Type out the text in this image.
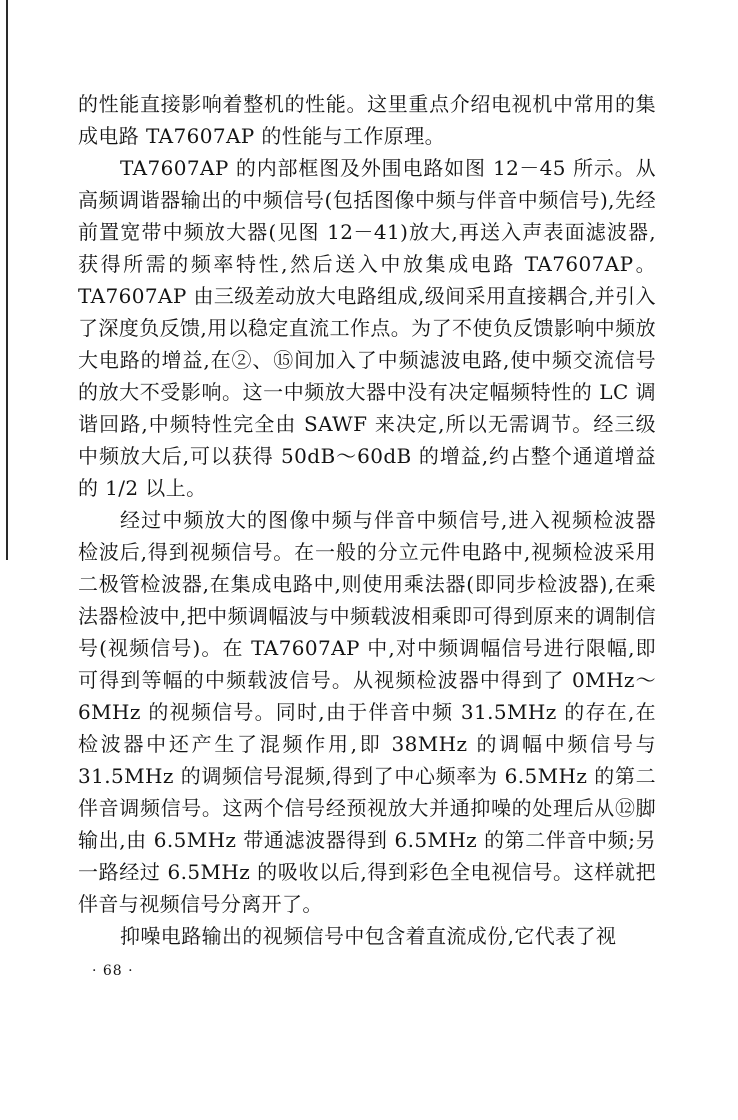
的性能直接影响着整机的性能。这里重点介绍电视机中常用的集成电路 TA7607AP 的性能与工作原理。

TA7607AP 的内部框图及外围电路如图 12－45 所示。从高频调谐器输出的中频信号(包括图像中频与伴音中频信号),先经前置宽带中频放大器(见图 12－41)放大,再送入声表面滤波器,获得所需的频率特性,然后送入中放集成电路 TA7607AP。TA7607AP 由三级差动放大电路组成,级间采用直接耦合,并引入了深度负反馈,用以稳定直流工作点。为了不使负反馈影响中频放大电路的增益,在②、⑮间加入了中频滤波电路,使中频交流信号的放大不受影响。这一中频放大器中没有决定幅频特性的 LC 调谐回路,中频特性完全由 SAWF 来决定,所以无需调节。经三级中频放大后,可以获得 50dB～60dB 的增益,约占整个通道增益的 1/2 以上。

经过中频放大的图像中频与伴音中频信号,进入视频检波器检波后,得到视频信号。在一般的分立元件电路中,视频检波采用二极管检波器,在集成电路中,则使用乘法器(即同步检波器),在乘法器检波中,把中频调幅波与中频载波相乘即可得到原来的调制信号(视频信号)。在 TA7607AP 中,对中频调幅信号进行限幅,即可得到等幅的中频载波信号。从视频检波器中得到了 0MHz～6MHz 的视频信号。同时,由于伴音中频 31.5MHz 的存在,在检波器中还产生了混频作用,即 38MHz 的调幅中频信号与 31.5MHz 的调频信号混频,得到了中心频率为 6.5MHz 的第二伴音调频信号。这两个信号经预视放大并通抑噪的处理后从⑫脚输出,由 6.5MHz 带通滤波器得到 6.5MHz 的第二伴音中频;另一路经过 6.5MHz 的吸收以后,得到彩色全电视信号。这样就把伴音与视频信号分离开了。

抑噪电路输出的视频信号中包含着直流成份,它代表了视

· 68 ·
